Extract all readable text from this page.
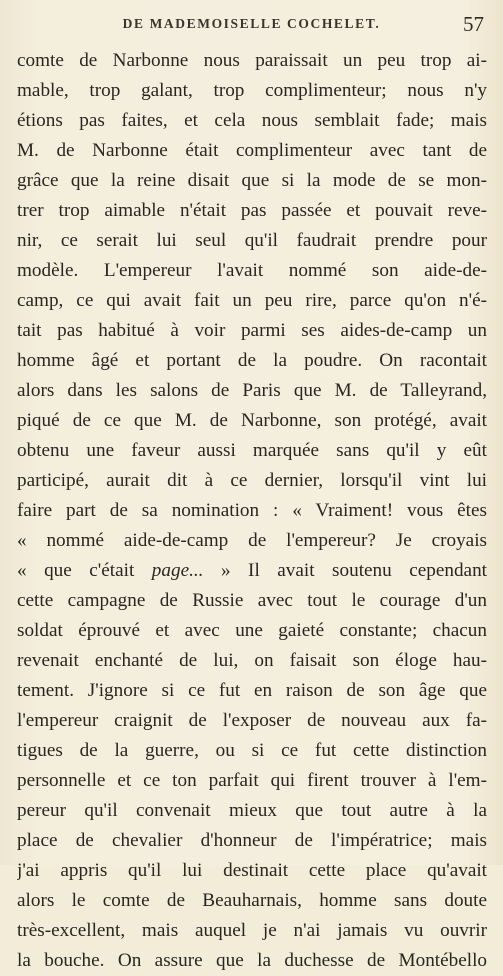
DE MADEMOISELLE COCHELET.	57
comte de Narbonne nous paraissait un peu trop ai-
mable, trop galant, trop complimenteur; nous n'y
étions pas faites, et cela nous semblait fade; mais
M. de Narbonne était complimenteur avec tant de
grâce que la reine disait que si la mode de se mon-
trer trop aimable n'était pas passée et pouvait reve-
nir, ce serait lui seul qu'il faudrait prendre pour
modèle. L'empereur l'avait nommé son aide-de-
camp, ce qui avait fait un peu rire, parce qu'on n'é-
tait pas habitué à voir parmi ses aides-de-camp un
homme âgé et portant de la poudre. On racontait
alors dans les salons de Paris que M. de Talleyrand,
piqué de ce que M. de Narbonne, son protégé, avait
obtenu une faveur aussi marquée sans qu'il y eût
participé, aurait dit à ce dernier, lorsqu'il vint lui
faire part de sa nomination : « Vraiment! vous êtes
« nommé aide-de-camp de l'empereur? Je croyais
« que c'était page... » Il avait soutenu cependant
cette campagne de Russie avec tout le courage d'un
soldat éprouvé et avec une gaieté constante; chacun
revenait enchanté de lui, on faisait son éloge hau-
tement. J'ignore si ce fut en raison de son âge que
l'empereur craignit de l'exposer de nouveau aux fa-
tigues de la guerre, ou si ce fut cette distinction
personnelle et ce ton parfait qui firent trouver à l'em-
pereur qu'il convenait mieux que tout autre à la
place de chevalier d'honneur de l'impératrice; mais
j'ai appris qu'il lui destinait cette place qu'avait
alors le comte de Beauharnais, homme sans doute
très-excellent, mais auquel je n'ai jamais vu ouvrir
la bouche. On assure que la duchesse de Montébello
